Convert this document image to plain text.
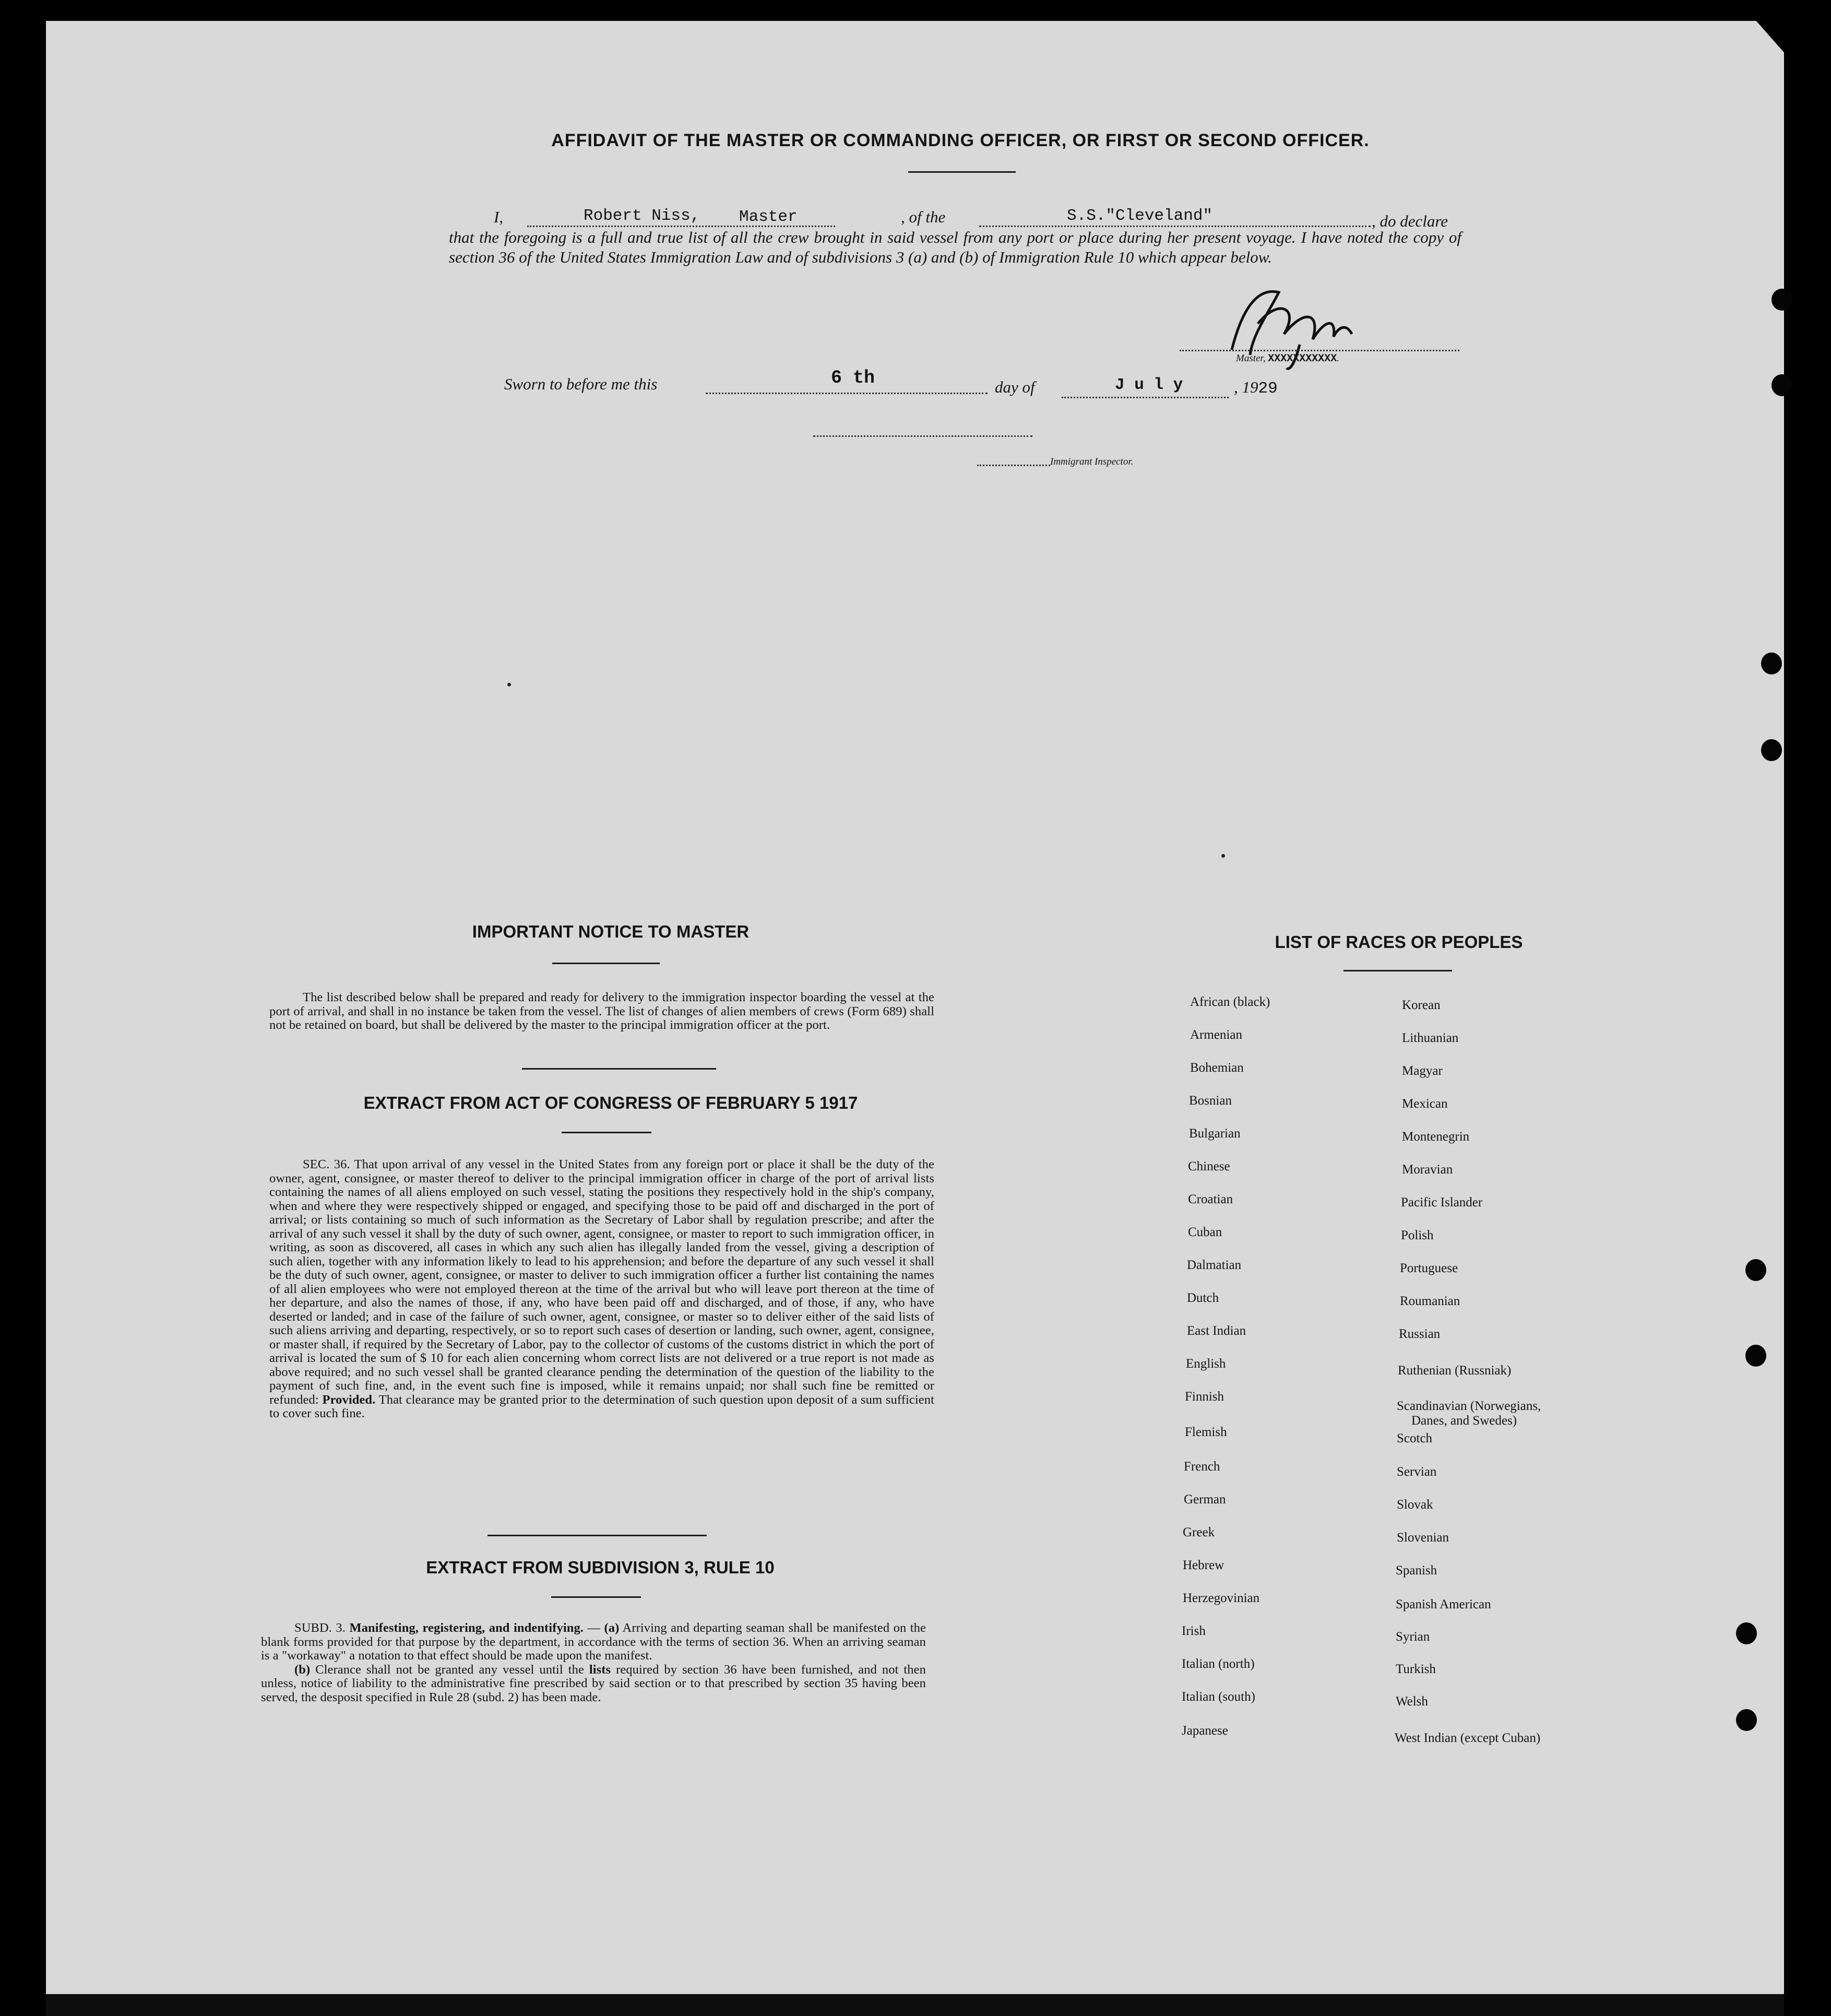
AFFIDAVIT OF THE MASTER OR COMMANDING OFFICER, OR FIRST OR SECOND OFFICER.
I,	Robert Niss, Master	, of the	S.S."Cleveland"	, do declare
that the foregoing is a full and true list of all the crew brought in said vessel from any port or place during her present voyage. I have noted the copy of section 36 of the United States Immigration Law and of subdivisions 3 (a) and (b) of Immigration Rule 10 which appear below.
Master, XXXXXXXXXXX.
Sworn to before me this	6 th	day of	J u l y	, 1929
Immigrant Inspector.
IMPORTANT NOTICE TO MASTER

The list described below shall be prepared and ready for delivery to the immigration inspector boarding the vessel at the port of arrival, and shall in no instance be taken from the vessel. The list of changes of alien members of crews (Form 689) shall not be retained on board, but shall be delivered by the master to the principal immigration officer at the port.

EXTRACT FROM ACT OF CONGRESS OF FEBRUARY 5 1917

SEC. 36. That upon arrival of any vessel in the United States from any foreign port or place it shall be the duty of the owner, agent, consignee, or master thereof to deliver to the principal immigration officer in charge of the port of arrival lists containing the names of all aliens employed on such vessel, stating the positions they respectively hold in the ship's company, when and where they were respectively shipped or engaged, and specifying those to be paid off and discharged in the port of arrival; or lists containing so much of such information as the Secretary of Labor shall by regulation prescribe; and after the arrival of any such vessel it shall by the duty of such owner, agent, consignee, or master to report to such immigration officer, in writing, as soon as discovered, all cases in which any such alien has illegally landed from the vessel, giving a description of such alien, together with any information likely to lead to his apprehension; and before the departure of any such vessel it shall be the duty of such owner, agent, consignee, or master to deliver to such immigration officer a further list containing the names of all alien employees who were not employed thereon at the time of the arrival but who will leave port thereon at the time of her departure, and also the names of those, if any, who have been paid off and discharged, and of those, if any, who have deserted or landed; and in case of the failure of such owner, agent, consignee, or master so to deliver either of the said lists of such aliens arriving and departing, respectively, or so to report such cases of desertion or landing, such owner, agent, consignee, or master shall, if required by the Secretary of Labor, pay to the collector of customs of the customs district in which the port of arrival is located the sum of $ 10 for each alien concerning whom correct lists are not delivered or a true report is not made as above required; and no such vessel shall be granted clearance pending the determination of the question of the liability to the payment of such fine, and, in the event such fine is imposed, while it remains unpaid; nor shall such fine be remitted or refunded: Provided. That clearance may be granted prior to the determination of such question upon deposit of a sum sufficient to cover such fine.

EXTRACT FROM SUBDIVISION 3, RULE 10

SUBD. 3. Manifesting, registering, and indentifying. — (a) Arriving and departing seaman shall be manifested on the blank forms provided for that purpose by the department, in accordance with the terms of section 36. When an arriving seaman is a "workaway" a notation to that effect should be made upon the manifest.

(b) Clerance shall not be granted any vessel until the lists required by section 36 have been furnished, and not then unless, notice of liability to the administrative fine prescribed by said section or to that prescribed by section 35 having been served, the desposit specified in Rule 28 (subd. 2) has been made.

LIST OF RACES OR PEOPLES
African (black)
Armenian
Bohemian
Bosnian
Bulgarian
Chinese
Croatian
Cuban
Dalmatian
Dutch
East Indian
English
Finnish
Flemish
French
German
Greek
Hebrew
Herzegovinian
Irish
Italian (north)
Italian (south)
Japanese
Korean
Lithuanian
Magyar
Mexican
Montenegrin
Moravian
Pacific Islander
Polish
Portuguese
Roumanian
Russian
Ruthenian (Russniak)
Scandinavian (Norwegians,
Danes, and Swedes)
Scotch
Servian
Slovak
Slovenian
Spanish
Spanish American
Syrian
Turkish
Welsh
West Indian (except Cuban)
